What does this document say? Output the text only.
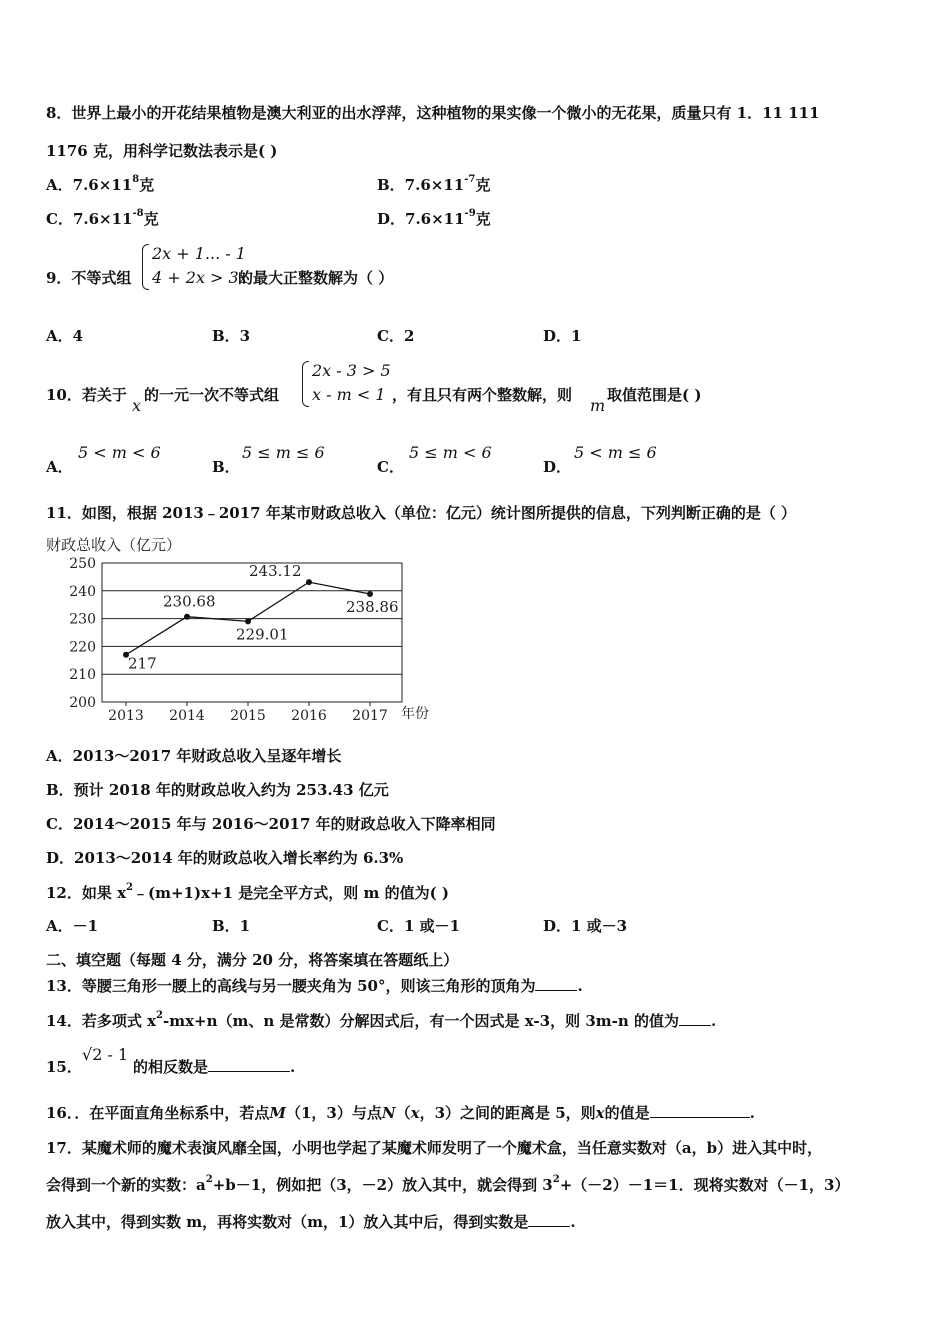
8．世界上最小的开花结果植物是澳大利亚的出水浮萍，这种植物的果实像一个微小的无花果，质量只有 1．11 111
1176 克，用科学记数法表示是( )
A．$7.6\times 11^8$克	B．$7.6\times 11^{-7}$克
C．$7.6\times 11^{-8}$克	D．$7.6\times 11^{-9}$克
9．不等式组
2x + 1... - 1
4 + 2x > 3x
的最大正整数解为（ ）
A．4	B．3	C．2	D．1
10．若关于
x
的一元一次不等式组
2x - 3 > 5
x - m < 1 ，有且只有两个整数解，则
m
取值范围是( )
A．
5 < m < 6
B．
5 ≤ m ≤ 6
C．
5 ≤ m < 6
D．
5 < m ≤ 6
11．如图，根据 2013﹣2017 年某市财政总收入（单位：亿元）统计图所提供的信息，下列判断正确的是（ ）
财政总收入（亿元）
200
210
220
230
240
250
2013 2014 2015 2016 2017
217
230.68
229.01
243.12
238.86
年份
A．2013～2017 年财政总收入呈逐年增长
B．预计 2018 年的财政总收入约为 253.43 亿元
C．2014～2015 年与 2016～2017 年的财政总收入下降率相同
D．2013～2014 年的财政总收入增长率约为 6.3%
12．如果 $x^2﹣(m+1)x+1$ 是完全平方式，则 m 的值为( )
A．－1	B．1	C．1 或－1	D．1 或－3
二、填空题（每题 4 分，满分 20 分，将答案填在答题纸上）
13．等腰三角形一腰上的高线与另一腰夹角为 50°，则该三角形的顶角为	.
14．若多项式 $x^2-mx+n(m$、n 是常数）分解因式后，有一个因式是 x-3，则 3m-n 的值为 .
15．
√2 - 1
的相反数是	.
16．．在平面直角坐标系中，若点M（1，3）与点N（x，3）之间的距离是 5，则x的值是	.
17．某魔术师的魔术表演风靡全国，小明也学起了某魔术师发明了一个魔术盒，当任意实数对（a，b）进入其中时，
会得到一个新的实数：$a^2+b-1$，例如把（3，－2）放入其中，就会得到 $3^2+(-2)-1=1$．现将实数对（－1，3）
放入其中，得到实数 m，再将实数对（m，1）放入其中后，得到实数是	.
